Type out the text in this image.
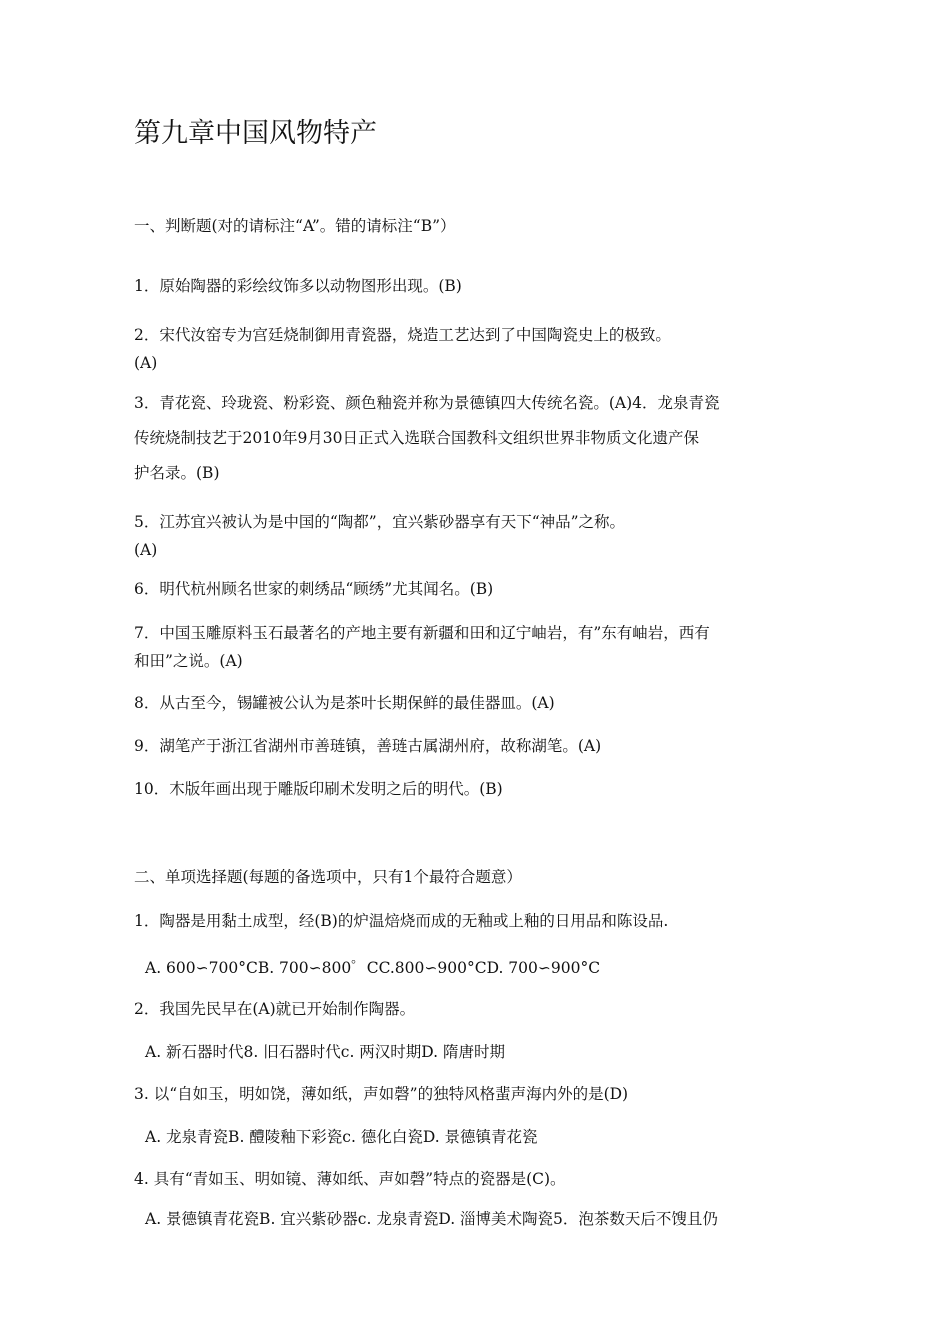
第九章中国风物特产
一、判断题(对的请标注“A”。错的请标注“B”）
1．原始陶器的彩绘纹饰多以动物图形出现。(B)
2．宋代汝窑专为宫廷烧制御用青瓷器，烧造工艺达到了中国陶瓷史上的极致。
(A)
3．青花瓷、玲珑瓷、粉彩瓷、颜色釉瓷并称为景德镇四大传统名瓷。(A)4．龙泉青瓷
传统烧制技艺于2010年9月30日正式入选联合国教科文组织世界非物质文化遗产保
护名录。(B)
5．江苏宜兴被认为是中国的“陶都”，宜兴紫砂器享有天下“神品”之称。
(A)
6．明代杭州顾名世家的刺绣品“顾绣”尤其闻名。(B)
7．中国玉雕原料玉石最著名的产地主要有新疆和田和辽宁岫岩，有”东有岫岩，西有
和田”之说。(A)
8．从古至今，锡罐被公认为是茶叶长期保鲜的最佳器皿。(A)
9．湖笔产于浙江省湖州市善琏镇，善琏古属湖州府，故称湖笔。(A)
10．木版年画出现于雕版印刷术发明之后的明代。(B)
二、单项选择题(每题的备选项中，只有1个最符合题意）
1．陶器是用黏土成型，经(B)的炉温焙烧而成的无釉或上釉的日用品和陈设品.
A. 600∽700°CB. 700∽800゜CC.800∽900°CD. 700∽900°C
2．我国先民早在(A)就已开始制作陶器。
A. 新石器时代8. 旧石器时代c. 两汉时期D. 隋唐时期
3. 以“自如玉，明如饶，薄如纸，声如磬”的独特风格蜚声海内外的是(D)
A. 龙泉青瓷B. 醴陵釉下彩瓷c. 德化白瓷D. 景德镇青花瓷
4. 具有“青如玉、明如镜、薄如纸、声如磬”特点的瓷器是(C)。
A. 景德镇青花瓷B. 宜兴紫砂器c. 龙泉青瓷D. 淄博美术陶瓷5．泡茶数天后不馊且仍
